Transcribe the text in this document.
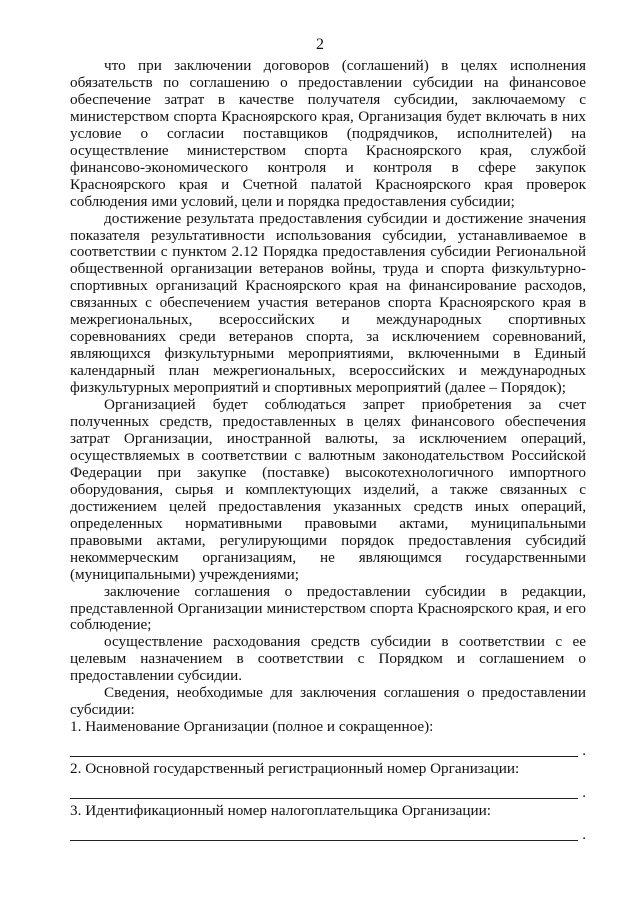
2

что при заключении договоров (соглашений) в целях исполнения обязательств по соглашению о предоставлении субсидии на финансовое обеспечение затрат в качестве получателя субсидии, заключаемому с министерством спорта Красноярского края, Организация будет включать в них условие о согласии поставщиков (подрядчиков, исполнителей) на осуществление министерством спорта Красноярского края, службой финансово-экономического контроля и контроля в сфере закупок Красноярского края и Счетной палатой Красноярского края проверок соблюдения ими условий, цели и порядка предоставления субсидии;

достижение результата предоставления субсидии и достижение значения показателя результативности использования субсидии, устанавливаемое в соответствии с пунктом 2.12 Порядка предоставления субсидии Региональной общественной организации ветеранов войны, труда и спорта физкультурно-спортивных организаций Красноярского края на финансирование расходов, связанных с обеспечением участия ветеранов спорта Красноярского края в межрегиональных, всероссийских и международных спортивных соревнованиях среди ветеранов спорта, за исключением соревнований, являющихся физкультурными мероприятиями, включенными в Единый календарный план межрегиональных, всероссийских и международных физкультурных мероприятий и спортивных мероприятий (далее – Порядок);

Организацией будет соблюдаться запрет приобретения за счет полученных средств, предоставленных в целях финансового обеспечения затрат Организации, иностранной валюты, за исключением операций, осуществляемых в соответствии с валютным законодательством Российской Федерации при закупке (поставке) высокотехнологичного импортного оборудования, сырья и комплектующих изделий, а также связанных с достижением целей предоставления указанных средств иных операций, определенных нормативными правовыми актами, муниципальными правовыми актами, регулирующими порядок предоставления субсидий некоммерческим организациям, не являющимся государственными (муниципальными) учреждениями;

заключение соглашения о предоставлении субсидии в редакции, представленной Организации министерством спорта Красноярского края, и его соблюдение;

осуществление расходования средств субсидии в соответствии с ее целевым назначением в соответствии с Порядком и соглашением о предоставлении субсидии.

Сведения, необходимые для заключения соглашения о предоставлении субсидии:

1. Наименование Организации (полное и сокращенное):

.

2. Основной государственный регистрационный номер Организации:

.

3. Идентификационный номер налогоплательщика Организации:

.
